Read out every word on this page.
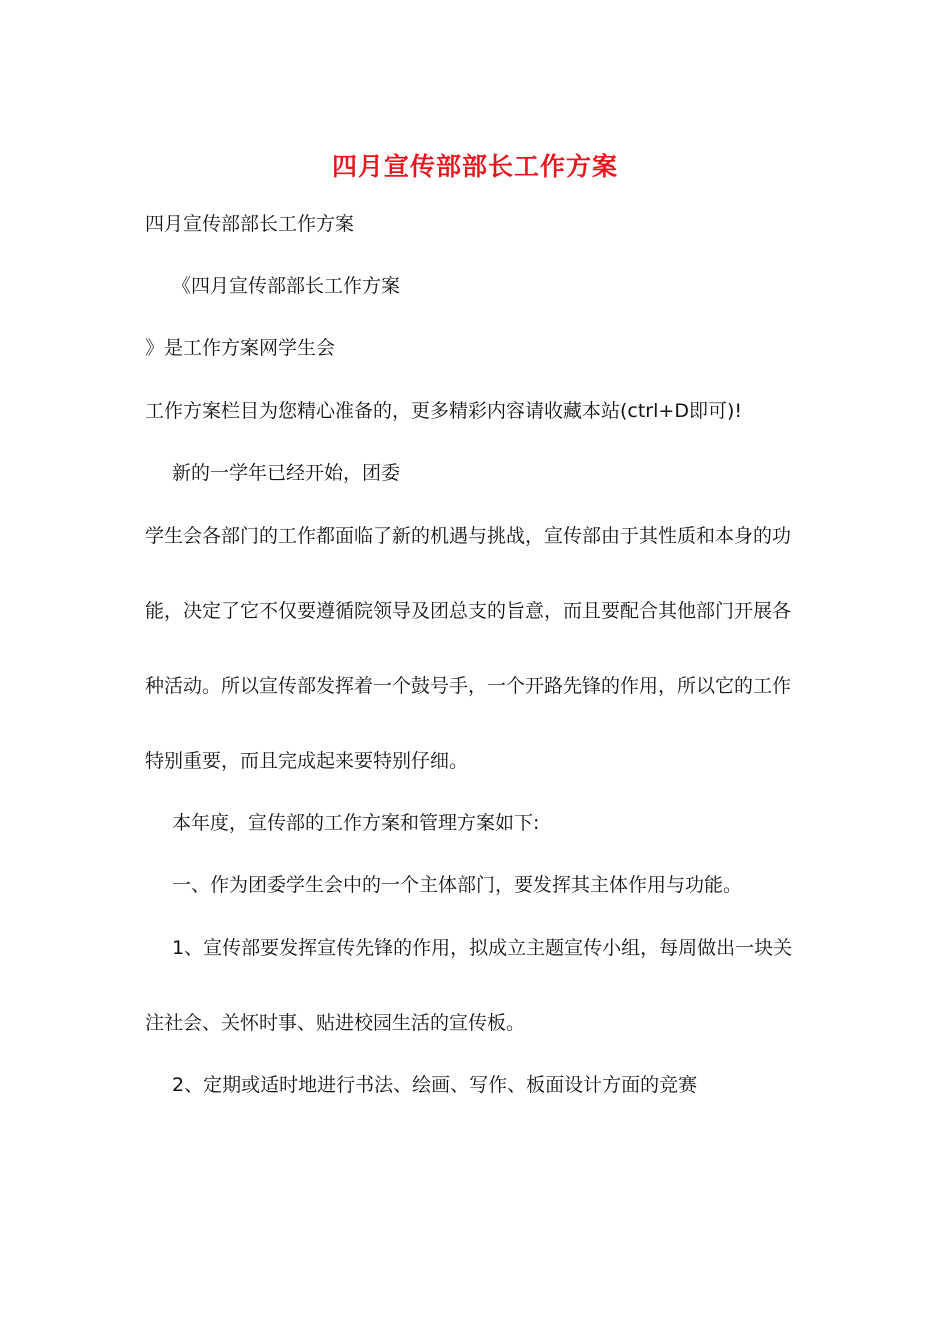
四月宣传部部长工作方案
四月宣传部部长工作方案
《四月宣传部部长工作方案
》是工作方案网学生会
工作方案栏目为您精心准备的，更多精彩内容请收藏本站(ctrl+D即可)!
新的一学年已经开始，团委
学生会各部门的工作都面临了新的机遇与挑战，宣传部由于其性质和本身的功
能，决定了它不仅要遵循院领导及团总支的旨意，而且要配合其他部门开展各
种活动。所以宣传部发挥着一个鼓号手，一个开路先锋的作用，所以它的工作
特别重要，而且完成起来要特别仔细。
本年度，宣传部的工作方案和管理方案如下:
一、作为团委学生会中的一个主体部门，要发挥其主体作用与功能。
1、宣传部要发挥宣传先锋的作用，拟成立主题宣传小组，每周做出一块关
注社会、关怀时事、贴进校园生活的宣传板。
2、定期或适时地进行书法、绘画、写作、板面设计方面的竞赛
